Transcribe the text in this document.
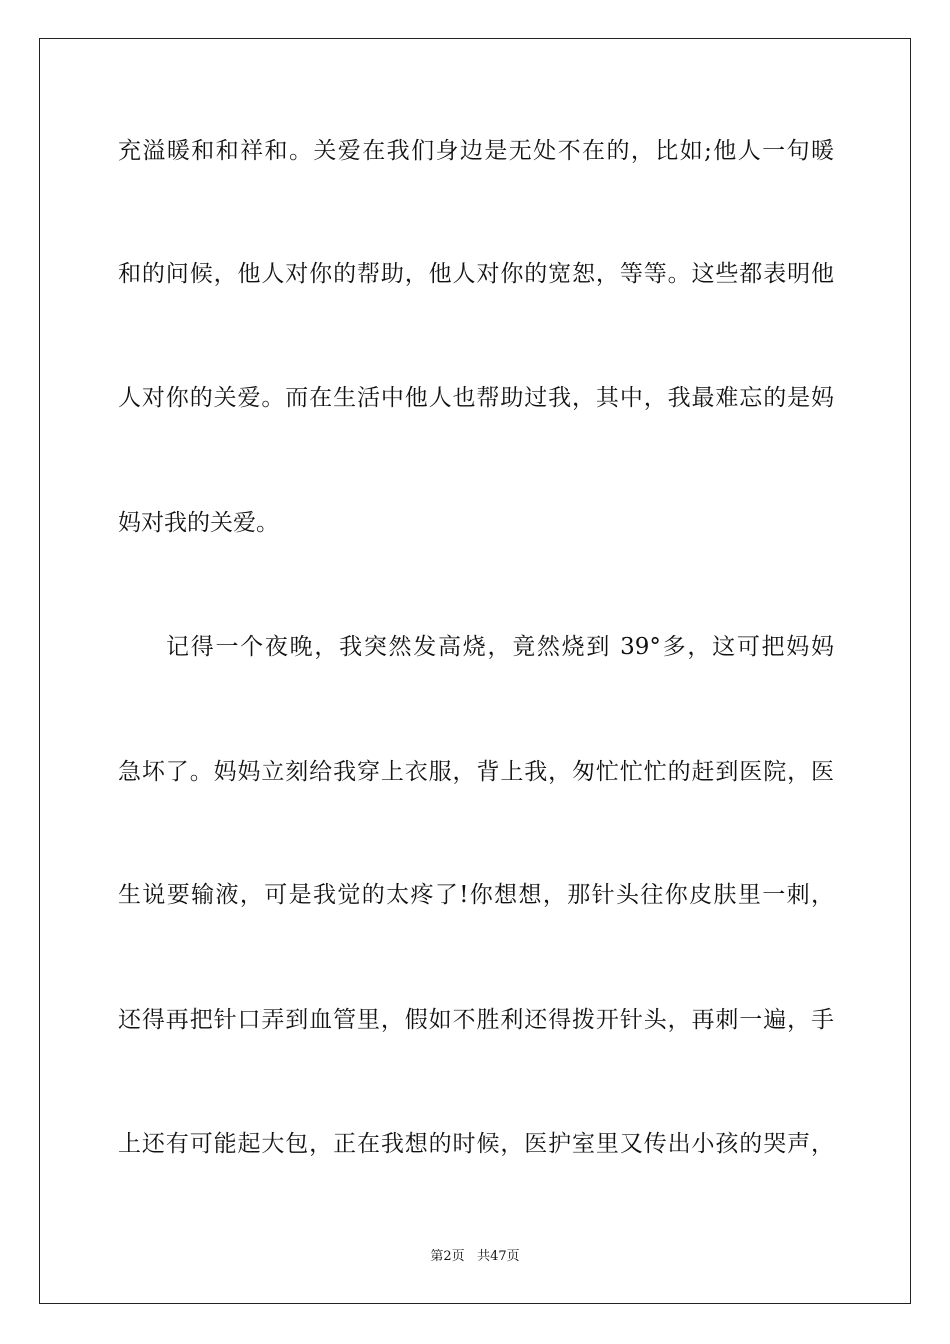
充溢暖和和祥和。关爱在我们身边是无处不在的，比如;他人一句暖
和的问候，他人对你的帮助，他人对你的宽恕，等等。这些都表明他
人对你的关爱。而在生活中他人也帮助过我，其中，我最难忘的是妈
妈对我的关爱。
记得一个夜晚，我突然发高烧，竟然烧到 39°多，这可把妈妈
急坏了。妈妈立刻给我穿上衣服，背上我，匆忙忙忙的赶到医院，医
生说要输液，可是我觉的太疼了!你想想，那针头往你皮肤里一刺，
还得再把针口弄到血管里，假如不胜利还得拨开针头，再刺一遍，手
上还有可能起大包，正在我想的时候，医护室里又传出小孩的哭声，
第2页 共47页
